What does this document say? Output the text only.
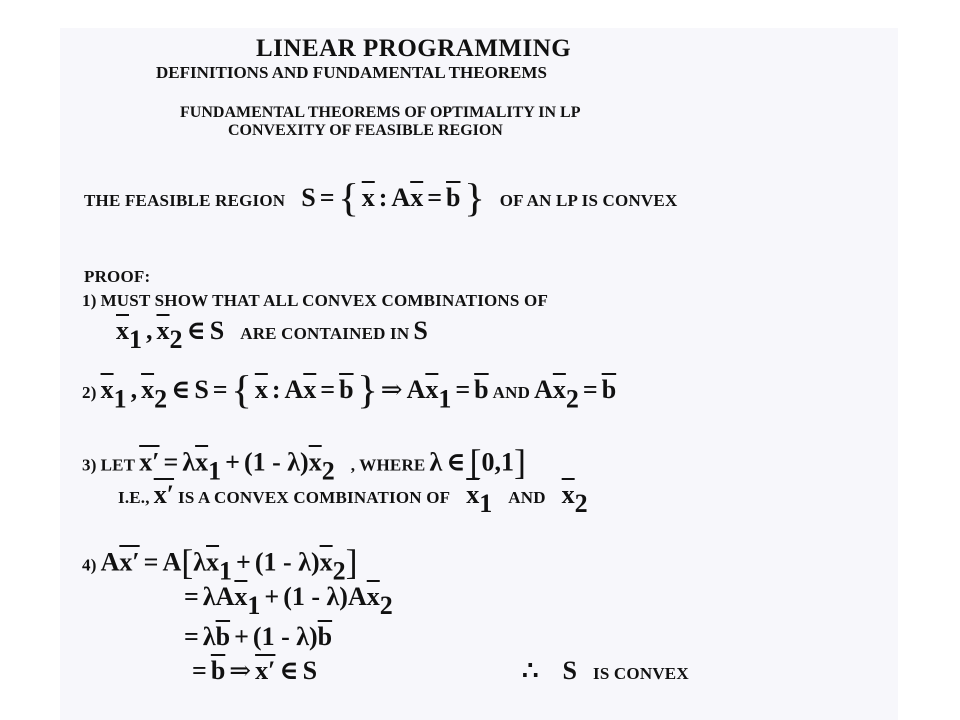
LINEAR PROGRAMMING
DEFINITIONS AND FUNDAMENTAL THEOREMS
FUNDAMENTAL THEOREMS OF OPTIMALITY IN LP
CONVEXITY OF FEASIBLE REGION
THE FEASIBLE REGION S = { $\overline{x}$ : $A\overline{x} = \overline{b}$ } OF AN LP IS CONVEX
PROOF:
1) MUST SHOW THAT ALL CONVEX COMBINATIONS OF
$\overline{x}_1$ , $\overline{x}_2$ ∈ S ARE CONTAINED IN S
2) $\overline{x}_1$ , $\overline{x}_2$ ∈ S = { $\overline{x}$ : $A\overline{x} = \overline{b}$ } ⇒ $A\overline{x}_1 = \overline{b}$ AND $A\overline{x}_2 = \overline{b}$
3) LET $x' = \lambda\overline{x}_1 + (1 - \lambda)\overline{x}_2$ , WHERE λ ∈ [0,1]
I.E., x′ IS A CONVEX COMBINATION OF $\overline{x}_1$ AND $\overline{x}_2$
4) $Ax' = A[\lambda\overline{x}_1 + (1 - \lambda)\overline{x}_2]$
= $\lambda A\overline{x}_1 + (1 - \lambda)A\overline{x}_2$
= $\lambda\overline{b} + (1 - \lambda)\overline{b}$
= $\overline{b}$ ⇒ x′ ∈ S	∴ S IS CONVEX
